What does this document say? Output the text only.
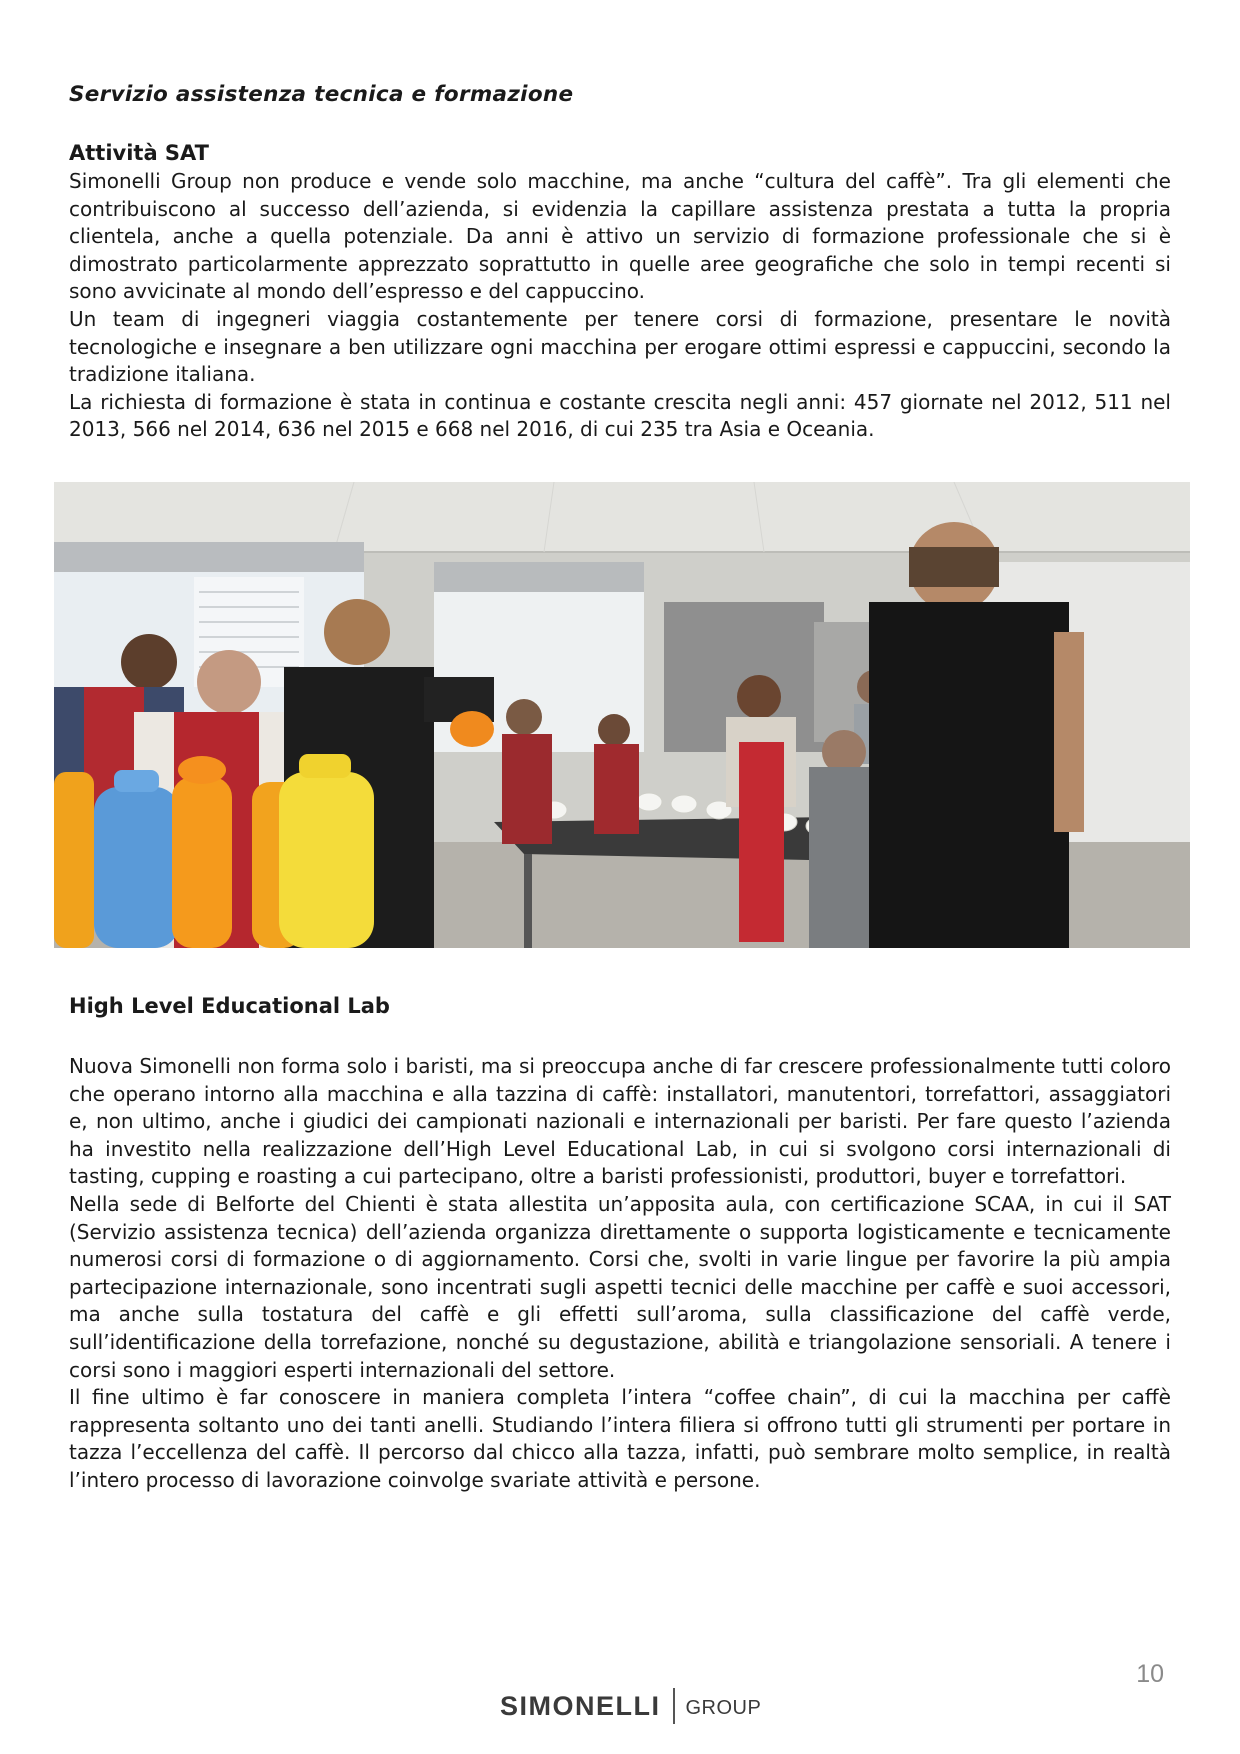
Servizio assistenza tecnica e formazione
Attività SAT

Simonelli Group non produce e vende solo macchine, ma anche “cultura del caffè”. Tra gli elementi che contribuiscono al successo dell’azienda, si evidenzia la capillare assistenza prestata a tutta la propria clientela, anche a quella potenziale. Da anni è attivo un servizio di formazione professionale che si è dimostrato particolarmente apprezzato soprattutto in quelle aree geografiche che solo in tempi recenti si sono avvicinate al mondo dell’espresso e del cappuccino.

Un team di ingegneri viaggia costantemente per tenere corsi di formazione, presentare le novità tecnologiche e insegnare a ben utilizzare ogni macchina per erogare ottimi espressi e cappuccini, secondo la tradizione italiana.

La richiesta di formazione è stata in continua e costante crescita negli anni: 457 giornate nel 2012, 511 nel 2013, 566 nel 2014, 636 nel 2015 e 668 nel 2016, di cui 235 tra Asia e Oceania.

High Level Educational Lab

Nuova Simonelli non forma solo i baristi, ma si preoccupa anche di far crescere professionalmente tutti coloro che operano intorno alla macchina e alla tazzina di caffè: installatori, manutentori, torrefattori, assaggiatori e, non ultimo, anche i giudici dei campionati nazionali e internazionali per baristi. Per fare questo l’azienda ha investito nella realizzazione dell’High Level Educational Lab, in cui si svolgono corsi internazionali di tasting, cupping e roasting a cui partecipano, oltre a baristi professionisti, produttori, buyer e torrefattori.

Nella sede di Belforte del Chienti è stata allestita un’apposita aula, con certificazione SCAA, in cui il SAT (Servizio assistenza tecnica) dell’azienda organizza direttamente o supporta logisticamente e tecnicamente numerosi corsi di formazione o di aggiornamento. Corsi che, svolti in varie lingue per favorire la più ampia partecipazione internazionale, sono incentrati sugli aspetti tecnici delle macchine per caffè e suoi accessori, ma anche sulla tostatura del caffè e gli effetti sull’aroma, sulla classificazione del caffè verde, sull’identificazione della torrefazione, nonché su degustazione, abilità e triangolazione sensoriali. A tenere i corsi sono i maggiori esperti internazionali del settore.

Il fine ultimo è far conoscere in maniera completa l’intera “coffee chain”, di cui la macchina per caffè rappresenta soltanto uno dei tanti anelli. Studiando l’intera filiera si offrono tutti gli strumenti per portare in tazza l’eccellenza del caffè. Il percorso dal chicco alla tazza, infatti, può sembrare molto semplice, in realtà l’intero processo di lavorazione coinvolge svariate attività e persone.

10
SIMONELLI GROUP
